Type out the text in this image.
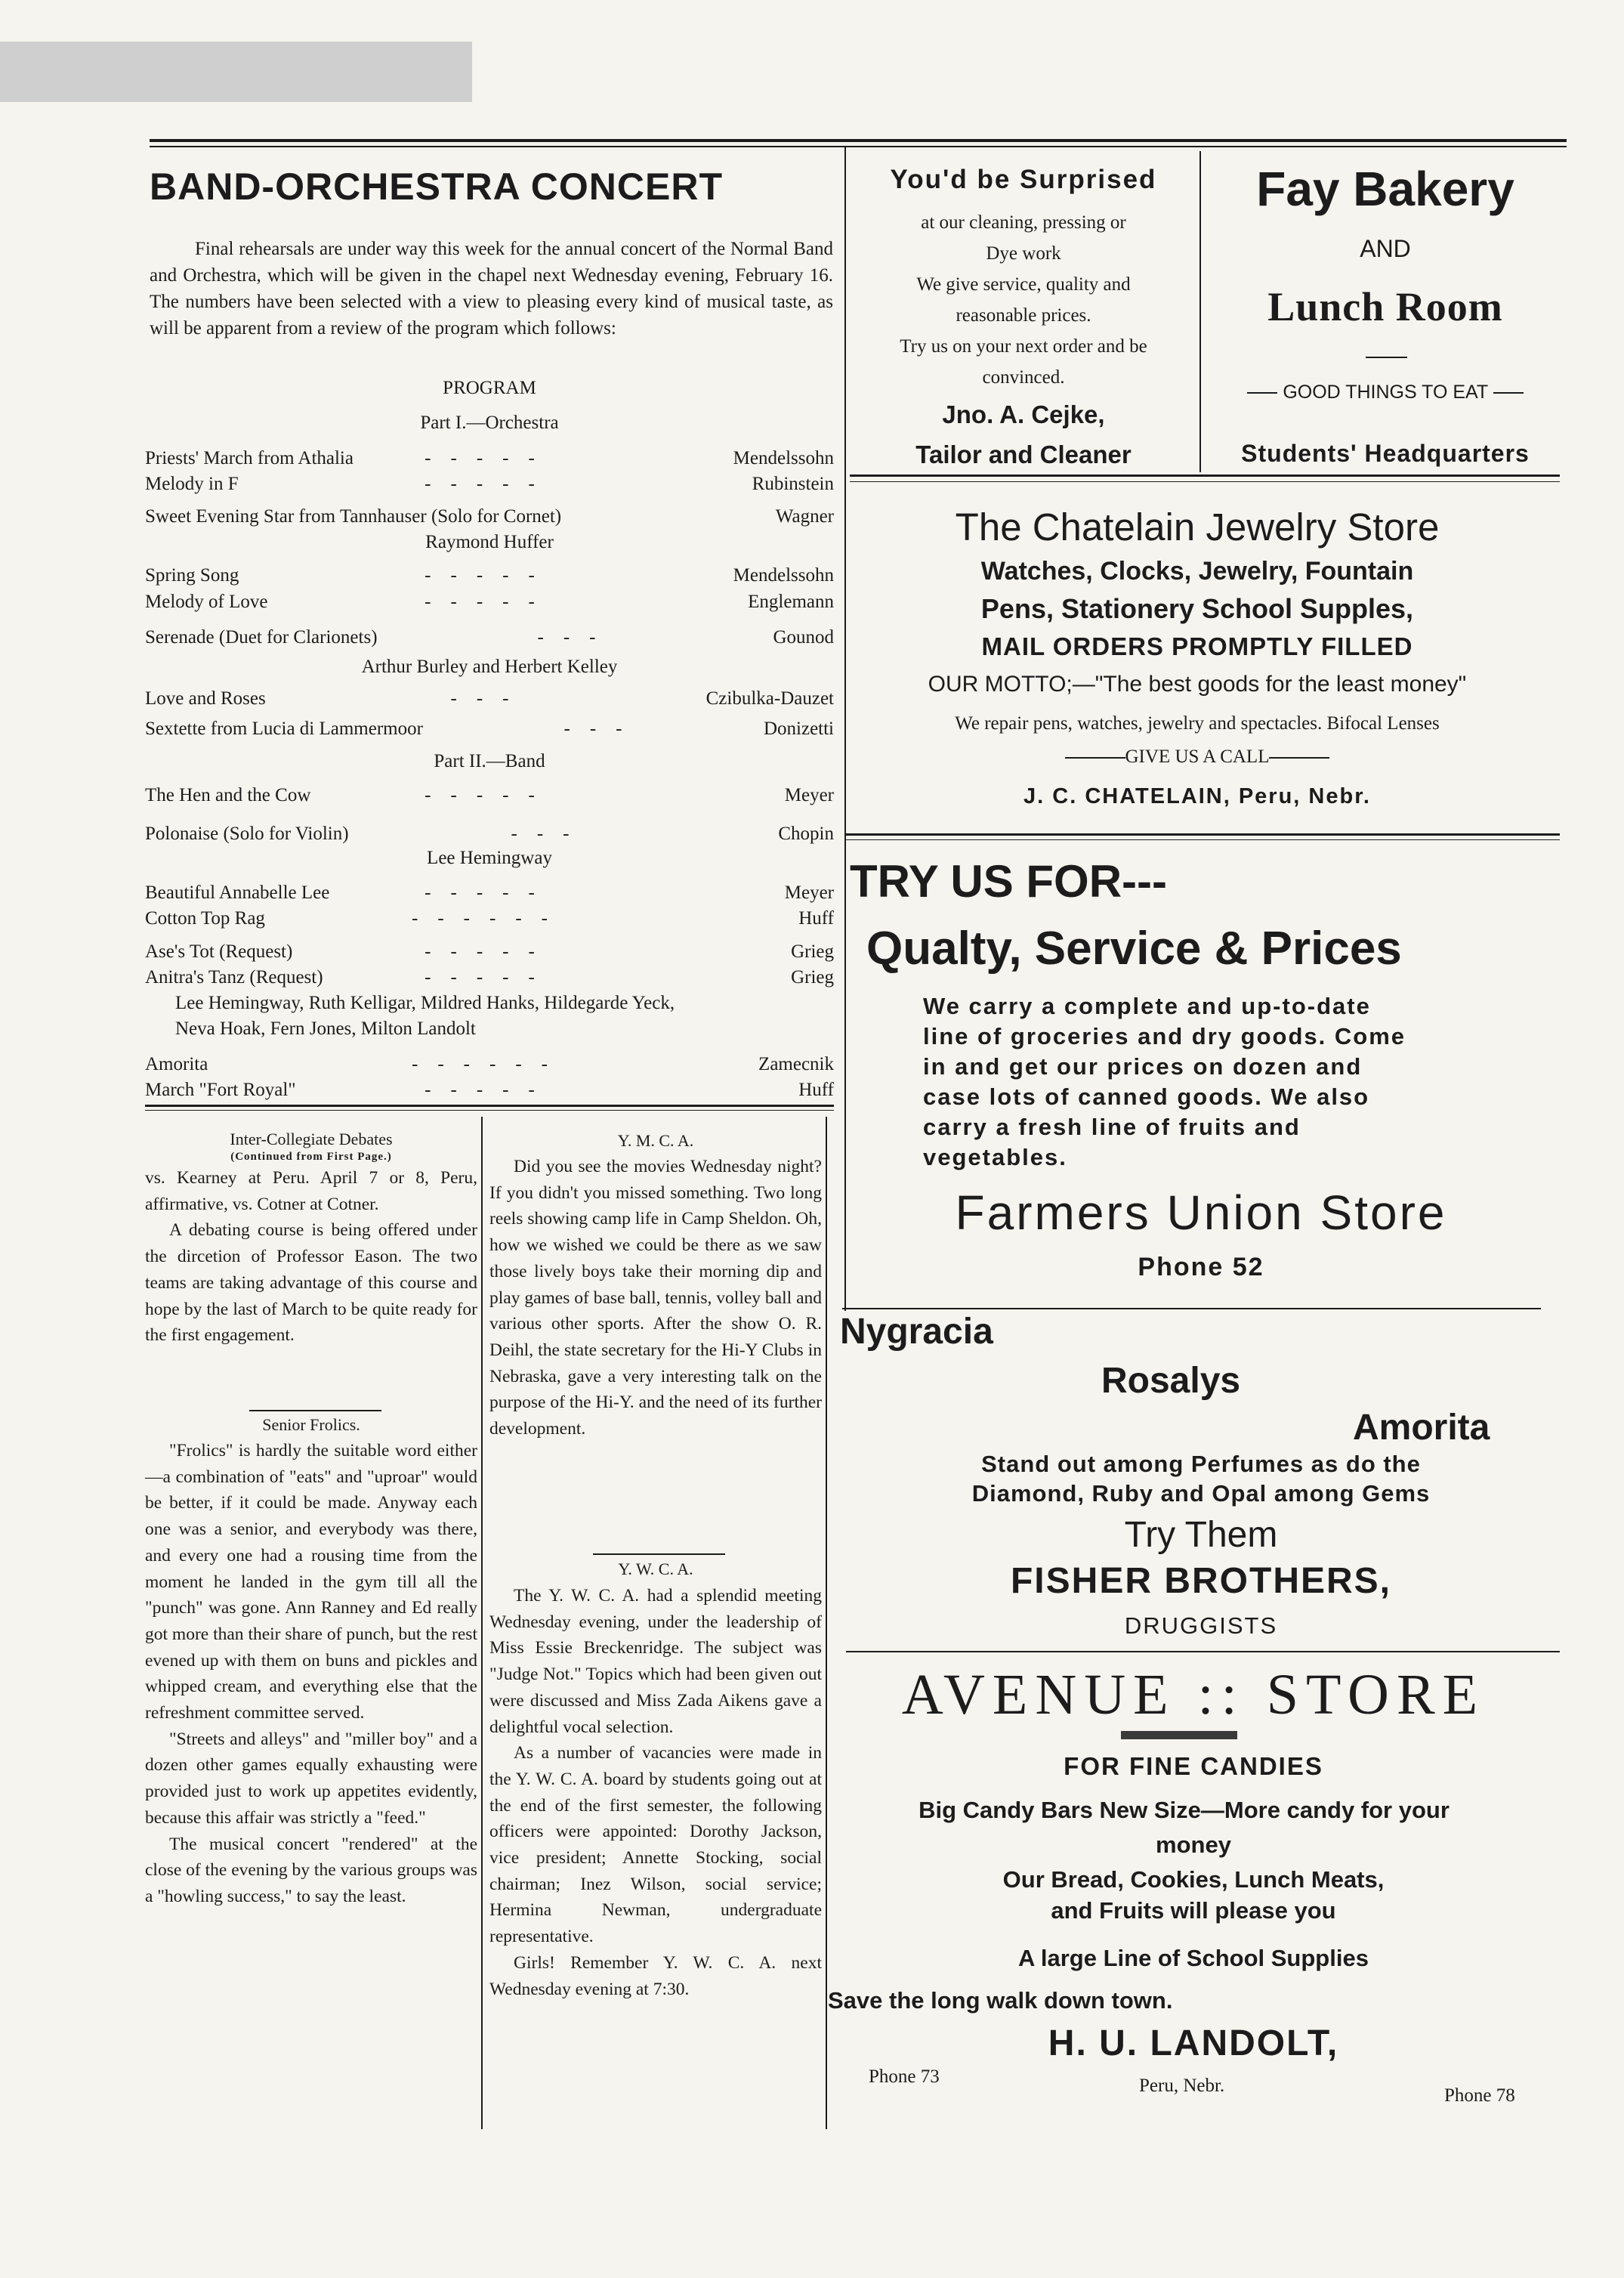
BAND-ORCHESTRA CONCERT
Final rehearsals are under way this week for the annual concert of the Normal Band and Orchestra, which will be given in the chapel next Wednesday evening, February 16. The numbers have been selected with a view to pleasing every kind of musical taste, as will be apparent from a review of the program which follows:
PROGRAM
Part I.—Orchestra
Priests' March from Athalia	-----	Mendelssohn
Melody in F	-----	Rubinstein
Sweet Evening Star from Tannhauser (Solo for Cornet)	Wagner
Raymond Huffer
Spring Song	-----	Mendelssohn
Melody of Love	-----	Englemann
Serenade (Duet for Clarionets)	---	Gounod
Arthur Burley and Herbert Kelley
Love and Roses	---	Czibulka-Dauzet
Sextette from Lucia di Lammermoor	---	Donizetti
Part II.—Band
The Hen and the Cow	-----	Meyer
Polonaise (Solo for Violin)	---	Chopin
Lee Hemingway
Beautiful Annabelle Lee	-----	Meyer
Cotton Top Rag	------	Huff
Ase's Tot (Request)	-----	Grieg
Anitra's Tanz (Request)	-----	Grieg
Lee Hemingway, Ruth Kelligar, Mildred Hanks, Hildegarde Yeck,
Neva Hoak, Fern Jones, Milton Landolt
Amorita	------	Zamecnik
March "Fort Royal"	-----	Huff
Inter-Collegiate Debates
(Continued from First Page.)

vs. Kearney at Peru. April 7 or 8, Peru, affirmative, vs. Cotner at Cotner.

A debating course is being offered under the dircetion of Professor Eason. The two teams are taking advantage of this course and hope by the last of March to be quite ready for the first engagement.

Senior Frolics.

"Frolics" is hardly the suitable word either—a combination of "eats" and "uproar" would be better, if it could be made. Anyway each one was a senior, and everybody was there, and every one had a rousing time from the moment he landed in the gym till all the "punch" was gone. Ann Ranney and Ed really got more than their share of punch, but the rest evened up with them on buns and pickles and whipped cream, and everything else that the refreshment committee served.

"Streets and alleys" and "miller boy" and a dozen other games equally exhausting were provided just to work up appetites evidently, because this affair was strictly a "feed."

The musical concert "rendered" at the close of the evening by the various groups was a "howling success," to say the least.

Y. M. C. A.

Did you see the movies Wednesday night? If you didn't you missed something. Two long reels showing camp life in Camp Sheldon. Oh, how we wished we could be there as we saw those lively boys take their morning dip and play games of base ball, tennis, volley ball and various other sports. After the show O. R. Deihl, the state secretary for the Hi-Y Clubs in Nebraska, gave a very interesting talk on the purpose of the Hi-Y. and the need of its further development.

Y. W. C. A.

The Y. W. C. A. had a splendid meeting Wednesday evening, under the leadership of Miss Essie Breckenridge. The subject was "Judge Not." Topics which had been given out were discussed and Miss Zada Aikens gave a delightful vocal selection.

As a number of vacancies were made in the Y. W. C. A. board by students going out at the end of the first semester, the following officers were appointed: Dorothy Jackson, vice president; Annette Stocking, social chairman; Inez Wilson, social service; Hermina Newman, undergraduate representative.

Girls! Remember Y. W. C. A. next Wednesday evening at 7:30.

You'd be Surprised
at our cleaning, pressing or
Dye work
We give service, quality and
reasonable prices.
Try us on your next order and be
convinced.
Jno. A. Cejke,
Tailor and Cleaner
Fay Bakery
AND
Lunch Room
GOOD THINGS TO EAT
Students' Headquarters
The Chatelain Jewelry Store
Watches, Clocks, Jewelry, Fountain
Pens, Stationery School Supples,
MAIL ORDERS PROMPTLY FILLED
OUR MOTTO;—"The best goods for the least money"
We repair pens, watches, jewelry and spectacles. Bifocal Lenses
GIVE US A CALL
J. C. CHATELAIN, Peru, Nebr.
TRY US FOR---
Qualty, Service & Prices
We carry a complete and up-to-date
line of groceries and dry goods. Come
in and get our prices on dozen and
case lots of canned goods. We also
carry a fresh line of fruits and
vegetables.
Farmers Union Store
Phone 52
Nygracia
Rosalys
Amorita
Stand out among Perfumes as do the
Diamond, Ruby and Opal among Gems
Try Them
FISHER BROTHERS,
DRUGGISTS
AVENUE :: STORE
FOR FINE CANDIES
Big Candy Bars New Size—More candy for your
money
Our Bread, Cookies, Lunch Meats,
and Fruits will please you
A large Line of School Supplies
Save the long walk down town.
H. U. LANDOLT,
Phone 73	Peru, Nebr.	Phone 78
